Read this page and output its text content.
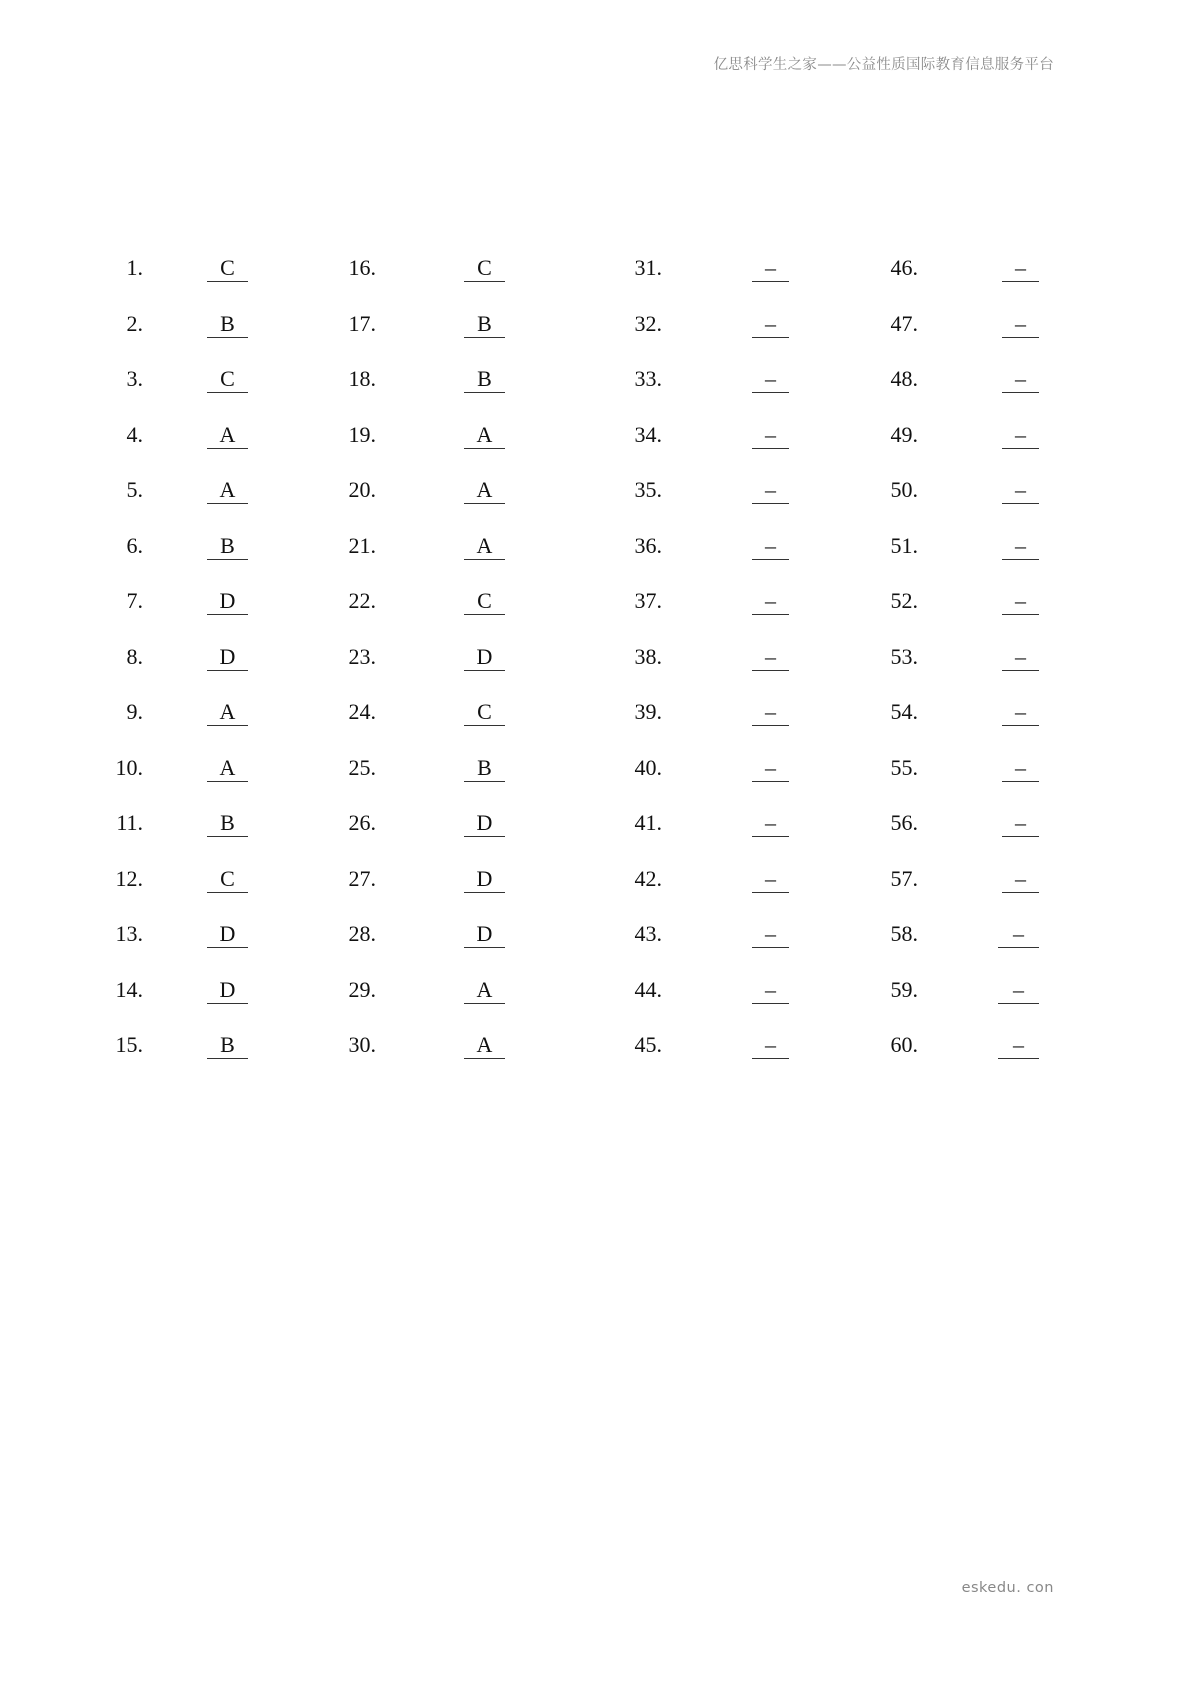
亿思科学生之家——公益性质国际教育信息服务平台
1.	C
2.	B
3.	C
4.	A
5.	A
6.	B
7.	D
8.	D
9.	A
10.	A
11.	B
12.	C
13.	D
14.	D
15.	B
16.	C
17.	B
18.	B
19.	A
20.	A
21.	A
22.	C
23.	D
24.	C
25.	B
26.	D
27.	D
28.	D
29.	A
30.	A
31.	–
32.	–
33.	–
34.	–
35.	–
36.	–
37.	–
38.	–
39.	–
40.	–
41.	–
42.	–
43.	–
44.	–
45.	–
46.	–
47.	–
48.	–
49.	–
50.	–
51.	–
52.	–
53.	–
54.	–
55.	–
56.	–
57.	–
58.	–
59.	–
60.	–
eskedu. con
